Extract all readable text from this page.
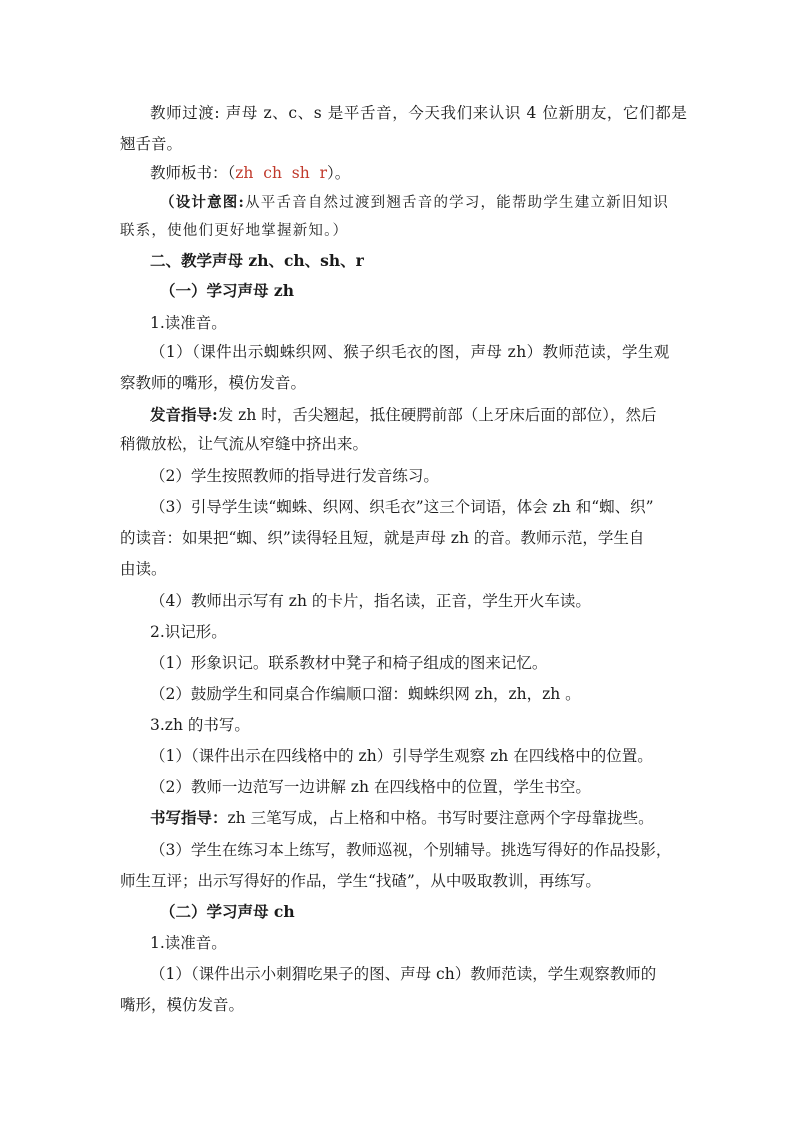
教师过渡: 声母 z、c、s 是平舌音，今天我们来认识 4 位新朋友，它们都是
翘舌音。
教师板书：（zh  ch  sh  r）。
（设计意图:从平舌音自然过渡到翘舌音的学习，能帮助学生建立新旧知识
联系，使他们更好地掌握新知。）
二、教学声母 zh、ch、sh、r
（一）学习声母 zh
1.读准音。
（1）（课件出示蜘蛛织网、猴子织毛衣的图，声母 zh）教师范读，学生观
察教师的嘴形，模仿发音。
发音指导:发 zh 时，舌尖翘起，抵住硬腭前部（上牙床后面的部位），然后
稍微放松，让气流从窄缝中挤出来。
（2）学生按照教师的指导进行发音练习。
（3）引导学生读“蜘蛛、织网、织毛衣”这三个词语，体会 zh 和“蜘、织”
的读音：如果把“蜘、织”读得轻且短，就是声母 zh 的音。教师示范，学生自
由读。
（4）教师出示写有 zh 的卡片，指名读，正音，学生开火车读。
2.识记形。
（1）形象识记。联系教材中凳子和椅子组成的图来记忆。
（2）鼓励学生和同桌合作编顺口溜：蜘蛛织网 zh，zh，zh 。
3.zh 的书写。
（1）（课件出示在四线格中的 zh）引导学生观察 zh 在四线格中的位置。
（2）教师一边范写一边讲解 zh 在四线格中的位置，学生书空。
书写指导：zh 三笔写成，占上格和中格。书写时要注意两个字母靠拢些。
（3）学生在练习本上练写，教师巡视，个别辅导。挑选写得好的作品投影，
师生互评；出示写得好的作品，学生“找碴”，从中吸取教训，再练写。
（二）学习声母 ch
1.读准音。
（1）（课件出示小刺猬吃果子的图、声母 ch）教师范读，学生观察教师的
嘴形，模仿发音。
